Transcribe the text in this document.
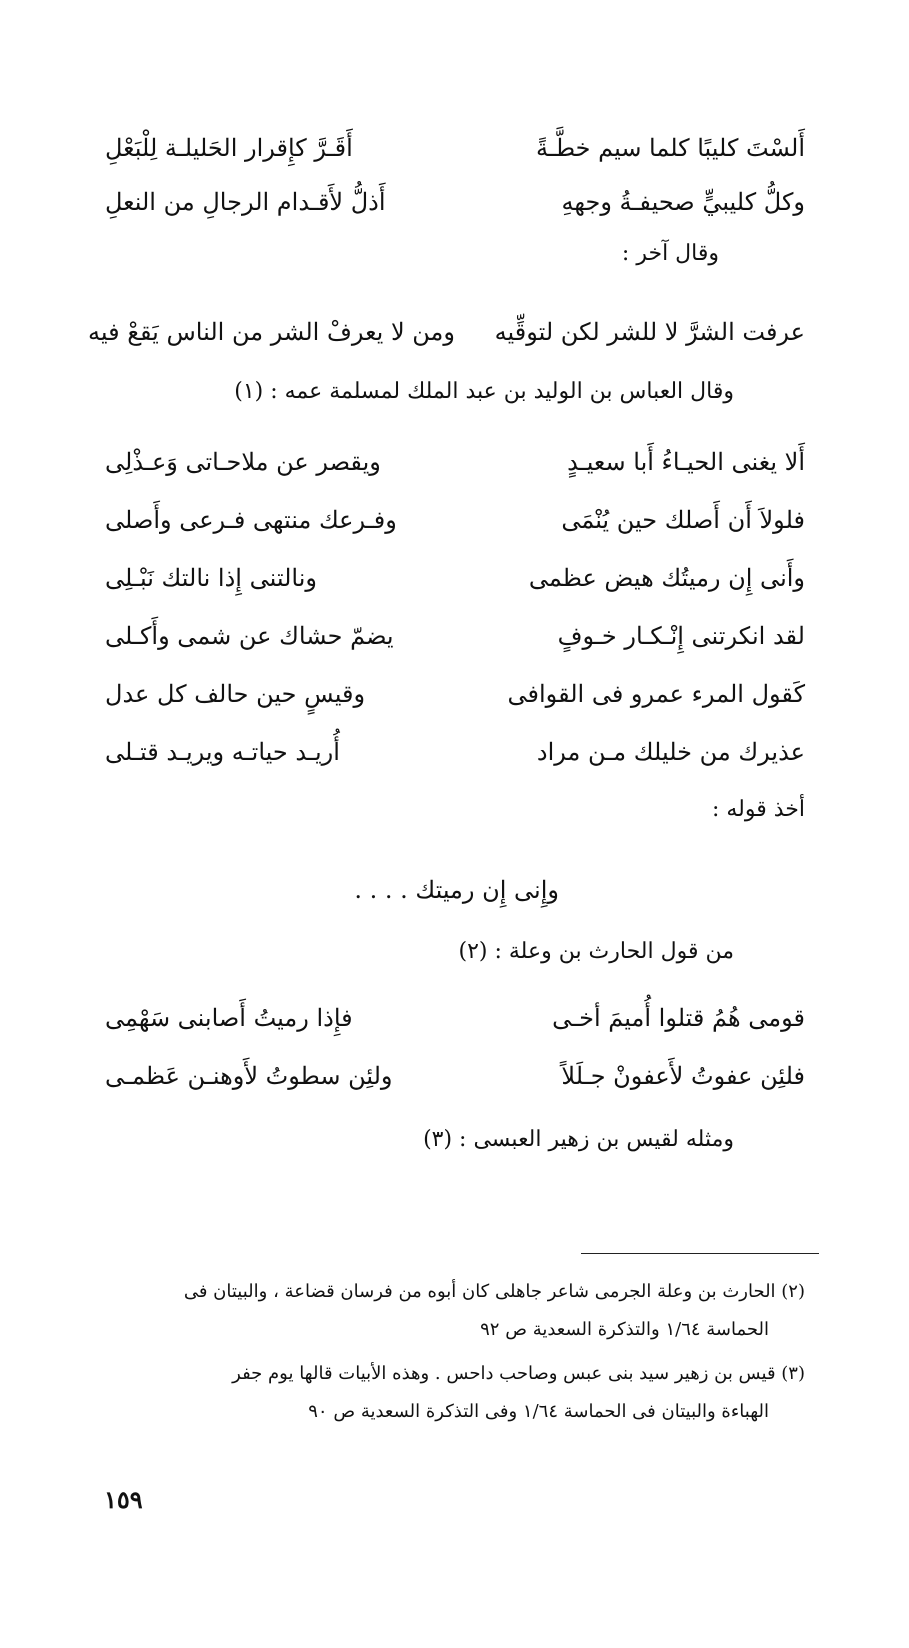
أَلسْتَ كليبًا كلما سيم خطَّـةً
أَقَـرَّ كإِقرار الحَليلـة لِلْبَعْلِ
وكلُّ كليبيٍّ صحيفـةُ وجههِ
أَذلُّ لأَقـدام الرجالِ من النعلِ
وقال آخر :
عرفت الشرَّ لا للشر لكن لتوقِّيه
ومن لا يعرفْ الشر من الناس يَقعْ فيه
وقال العباس بن الوليد بن عبد الملك لمسلمة عمه : (١)
أَلا يغنى الحيـاءُ أَبا سعيـدٍ
ويقصر عن ملاحـاتى وَعـذْلِى
فلولاَ أَن أَصلك حين يُنْمَى
وفـرعك منتهى فـرعى وأَصلى
وأَنى إِن رميتُك هيض عظمى
ونالتنى إِذا نالتك نَبْـلِى
لقد انكرتنى إِنْـكـار خـوفٍ
يضمّ حشاك عن شمى وأَكـلى
كَقول المرء عمرو فى القوافى
وقيسٍ حين حالف كل عدل
عذيرك من خليلك مـن مراد
أُريـد حياتـه ويريـد قتـلى
أخذ قوله :
وإِنى إِن رميتك . . . .
من قول الحارث بن وعلة : (٢)
قومى هُمُ قتلوا أُميمَ أخـى
فإِذا رميتُ أَصابنى سَهْمِى
فلئِن عفوتُ لأَعفونْ جـلَلاً
ولئِن سطوتُ لأَوهنـن عَظمـى
ومثله لقيس بن زهير العبسى : (٣)
(٢) الحارث بن وعلة الجرمى شاعر جاهلى كان أبوه من فرسان قضاعة ، والبيتان فى
الحماسة ١/٦٤ والتذكرة السعدية ص ٩٢
(٣) قيس بن زهير سيد بنى عبس وصاحب داحس . وهذه الأبيات قالها يوم جفر
الهباءة والبيتان فى الحماسة ١/٦٤ وفى التذكرة السعدية ص ٩٠
١٥٩
